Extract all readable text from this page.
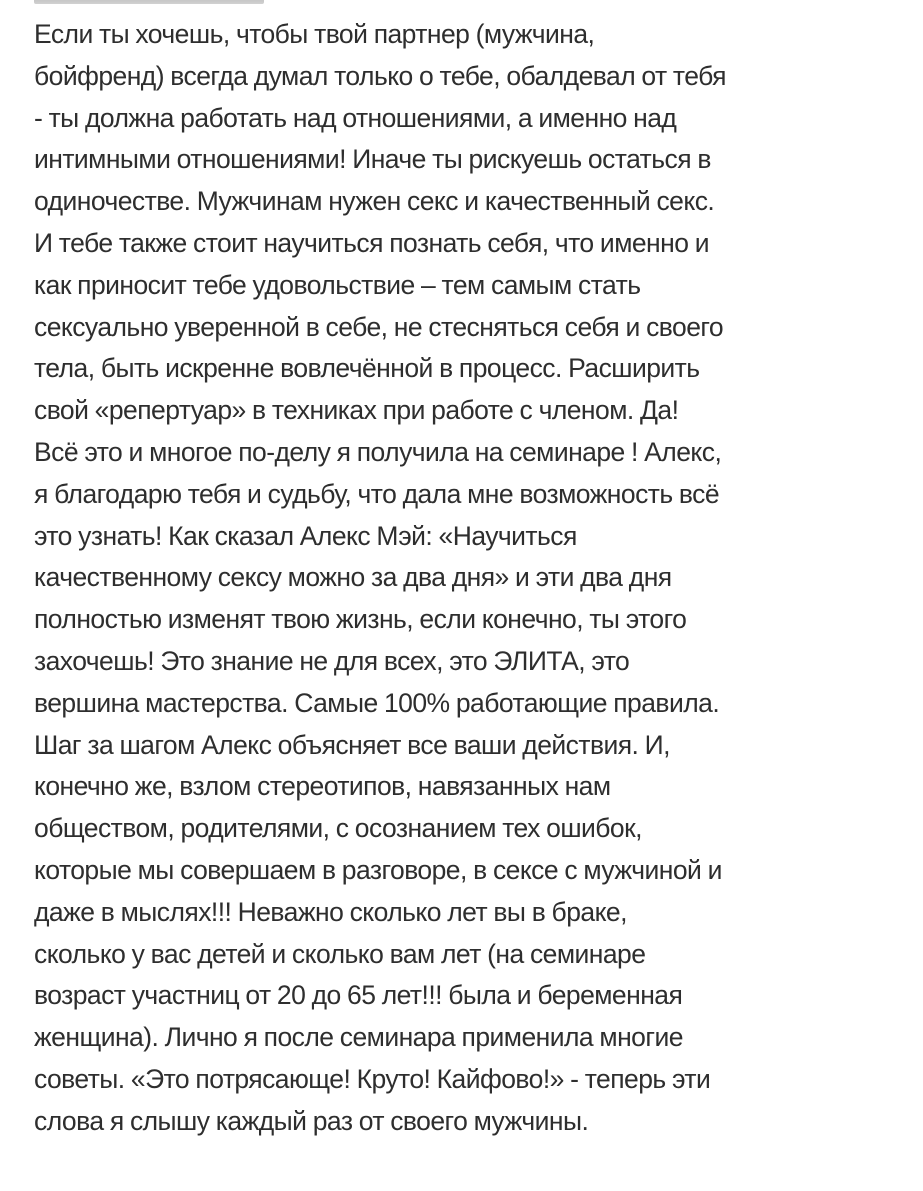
Если ты хочешь, чтобы твой партнер (мужчина,
бойфренд) всегда думал только о тебе, обалдевал от тебя
- ты должна работать над отношениями, а именно над
интимными отношениями! Иначе ты рискуешь остаться в
одиночестве. Мужчинам нужен секс и качественный секс.
И тебе также стоит научиться познать себя, что именно и
как приносит тебе удовольствие – тем самым стать
сексуально уверенной в себе, не стесняться себя и своего
тела, быть искренне вовлечённой в процесс. Расширить
свой «репертуар» в техниках при работе с членом. Да!
Всё это и многое по-делу я получила на семинаре ! Алекс,
я благодарю тебя и судьбу, что дала мне возможность всё
это узнать! Как сказал Алекс Мэй: «Научиться
качественному сексу можно за два дня» и эти два дня
полностью изменят твою жизнь, если конечно, ты этого
захочешь! Это знание не для всех, это ЭЛИТА, это
вершина мастерства. Самые 100% работающие правила.
Шаг за шагом Алекс объясняет все ваши действия. И,
конечно же, взлом стереотипов, навязанных нам
обществом, родителями, с осознанием тех ошибок,
которые мы совершаем в разговоре, в сексе с мужчиной и
даже в мыслях!!! Неважно сколько лет вы в браке,
сколько у вас детей и сколько вам лет (на семинаре
возраст участниц от 20 до 65 лет!!! была и беременная
женщина). Лично я после семинара применила многие
советы. «Это потрясающе! Круто! Кайфово!» - теперь эти
слова я слышу каждый раз от своего мужчины.
